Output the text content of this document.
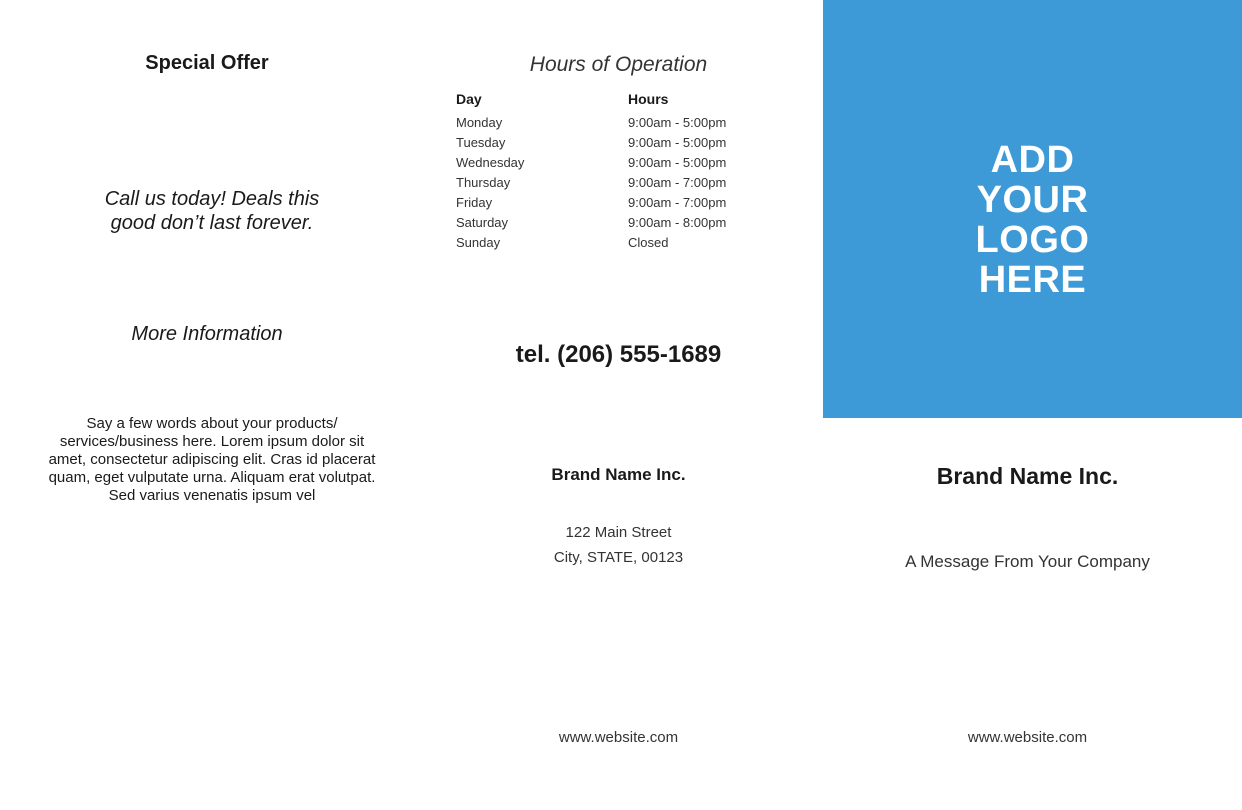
Special Offer
Call us today! Deals this good don’t last forever.
More Information
Say a few words about your products/ services/business here. Lorem ipsum dolor sit amet, consectetur adipiscing elit. Cras id placerat quam, eget vulputate urna. Aliquam erat volutpat. Sed varius venenatis ipsum vel
Hours of Operation
Day	Hours
Monday	9:00am - 5:00pm
Tuesday	9:00am - 5:00pm
Wednesday	9:00am - 5:00pm
Thursday	9:00am - 7:00pm
Friday	9:00am - 7:00pm
Saturday	9:00am - 8:00pm
Sunday	Closed
tel. (206) 555-1689
Brand Name Inc.
122 Main Street
City, STATE, 00123
www.website.com
ADD
YOUR
LOGO
HERE
Brand Name Inc.
A Message From Your Company
www.website.com
